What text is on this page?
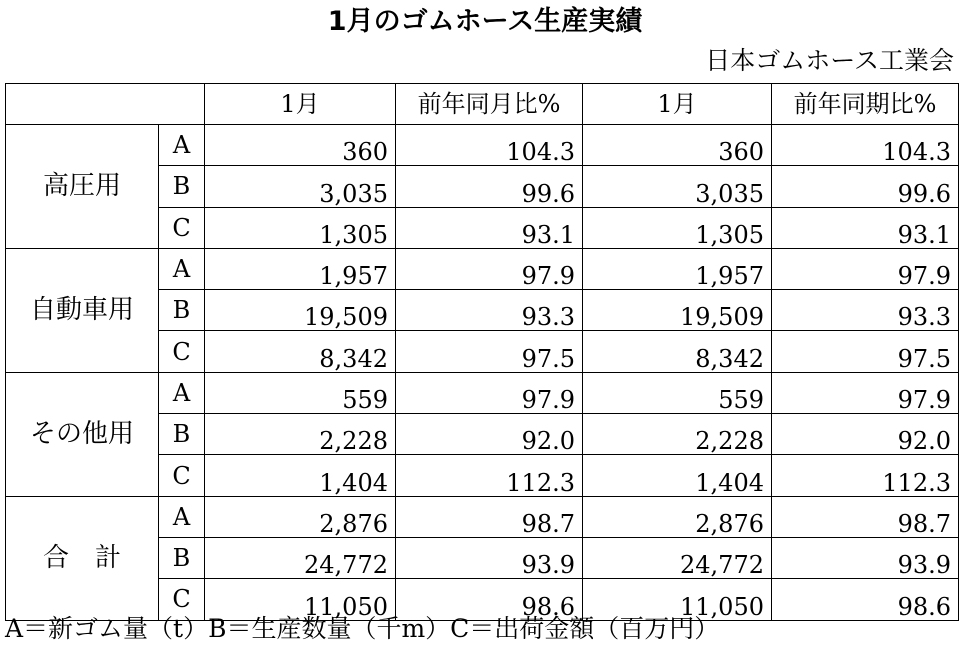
1月のゴムホース生産実績
日本ゴムホース工業会
		1月	前年同月比%	1月	前年同期比%
高圧用	A	360	104.3	360	104.3
	B	3,035	99.6	3,035	99.6
	C	1,305	93.1	1,305	93.1
自動車用	A	1,957	97.9	1,957	97.9
	B	19,509	93.3	19,509	93.3
	C	8,342	97.5	8,342	97.5
その他用	A	559	97.9	559	97.9
	B	2,228	92.0	2,228	92.0
	C	1,404	112.3	1,404	112.3
合　計	A	2,876	98.7	2,876	98.7
	B	24,772	93.9	24,772	93.9
	C	11,050	98.6	11,050	98.6
A＝新ゴム量（t）B＝生産数量（千m）C＝出荷金額（百万円）
